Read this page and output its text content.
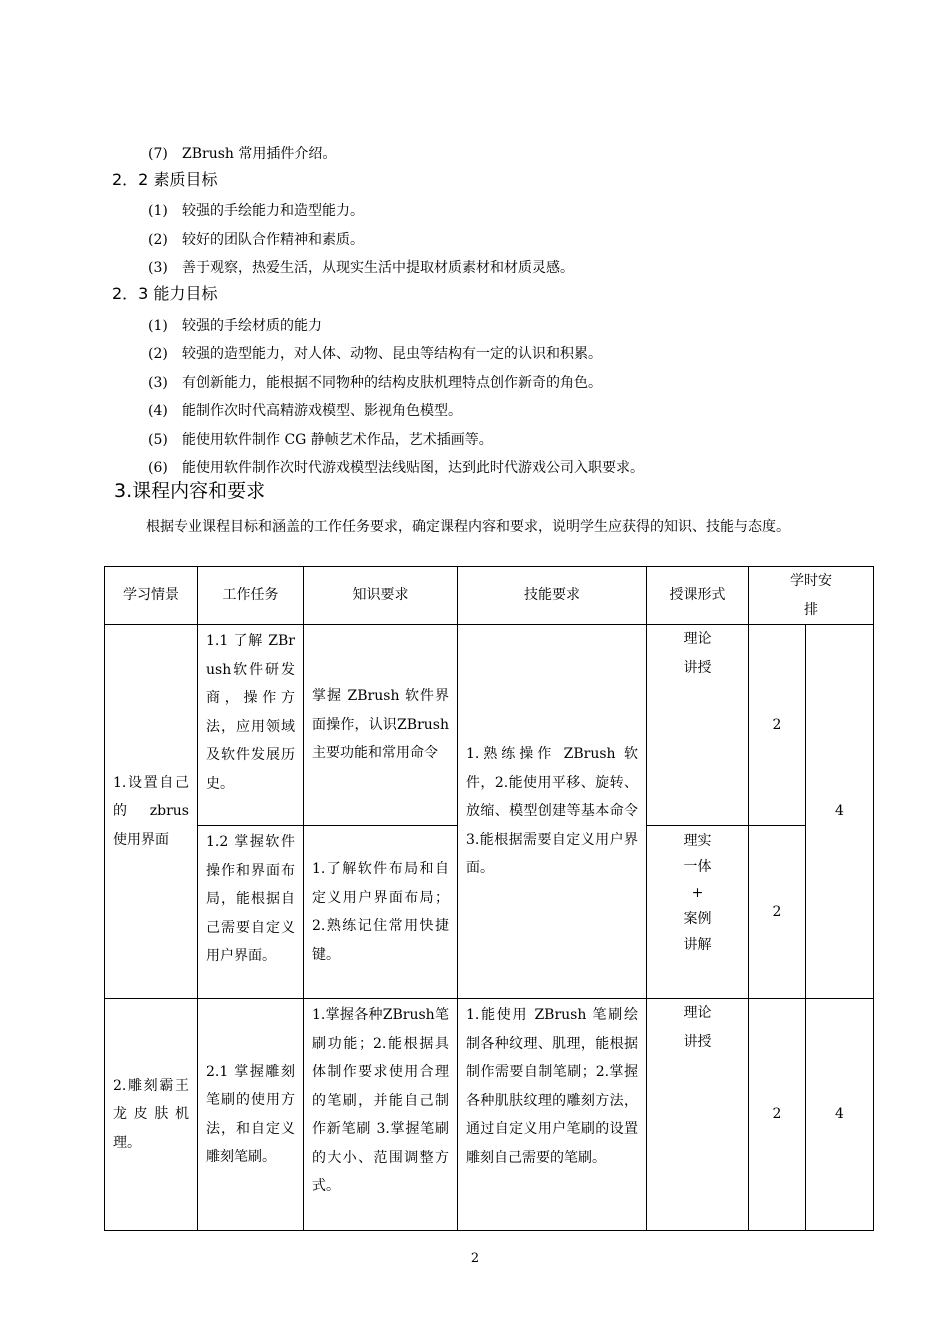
(7) ZBrush 常用插件介绍。
2．2 素质目标
(1) 较强的手绘能力和造型能力。
(2) 较好的团队合作精神和素质。
(3) 善于观察，热爱生活，从现实生活中提取材质素材和材质灵感。
2．3 能力目标
(1) 较强的手绘材质的能力
(2) 较强的造型能力，对人体、动物、昆虫等结构有一定的认识和积累。
(3) 有创新能力，能根据不同物种的结构皮肤机理特点创作新奇的角色。
(4) 能制作次时代高精游戏模型、影视角色模型。
(5) 能使用软件制作 CG 静帧艺术作品，艺术插画等。
(6) 能使用软件制作次时代游戏模型法线贴图，达到此时代游戏公司入职要求。
3.课程内容和要求
根据专业课程目标和涵盖的工作任务要求，确定课程内容和要求，说明学生应获得的知识、技能与态度。
学习情景	工作任务	知识要求	技能要求	授课形式	学时安排	
1.设置自己的 zbrus 使用界面	1.1 了解 ZBrush软件研发商，操作方法，应用领域及软件发展历史。	掌握 ZBrush 软件界面操作，认识ZBrush主要功能和常用命令	1.熟练操作 ZBrush 软件，2.能使用平移、旋转、放缩、模型创建等基本命令 3.能根据需要自定义用户界面。	理论讲授	2	4
	1.2 掌握软件操作和界面布局，能根据自己需要自定义用户界面。	1.了解软件布局和自定义用户界面布局；2.熟练记住常用快捷键。		理实
一体
+
案例
讲解	2	
2.雕刻霸王龙皮肤机理。	2.1 掌握雕刻笔刷的使用方法，和自定义雕刻笔刷。	1.掌握各种ZBrush笔刷功能；2.能根据具体制作要求使用合理的笔刷，并能自己制作新笔刷 3.掌握笔刷的大小、范围调整方式。	1.能使用 ZBrush 笔刷绘制各种纹理、肌理，能根据制作需要自制笔刷；2.掌握各种肌肤纹理的雕刻方法，通过自定义用户笔刷的设置雕刻自己需要的笔刷。	理论讲授	2	4
2
